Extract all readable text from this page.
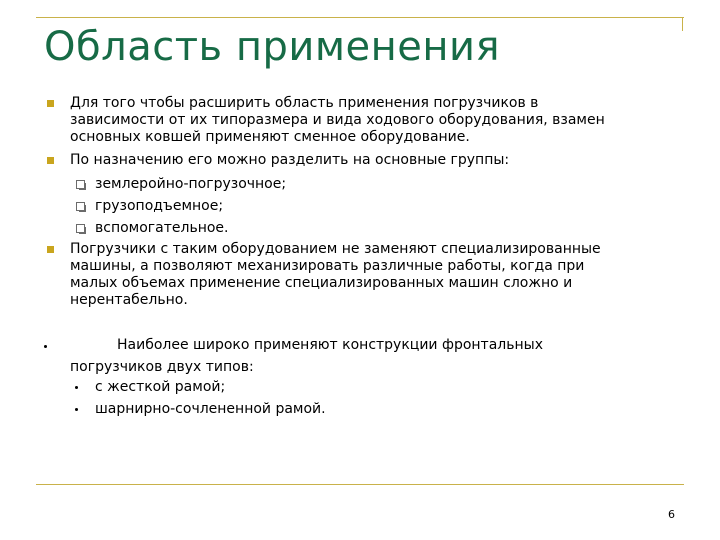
Область применения
Для того чтобы расширить область применения погрузчиков в
зависимости от их типоразмера и вида ходового оборудования, взамен
основных ковшей применяют сменное оборудование.
По назначению его можно разделить на основные группы:
землеройно-погрузочное;
грузоподъемное;
вспомогательное.
Погрузчики с таким оборудованием не заменяют специализированные
машины, а позволяют механизировать различные работы, когда при
малых объемах применение специализированных машин сложно и
нерентабельно.
Наиболее широко применяют конструкции фронтальных
погрузчиков двух типов:
с жесткой рамой;
шарнирно-сочлененной рамой.
6
